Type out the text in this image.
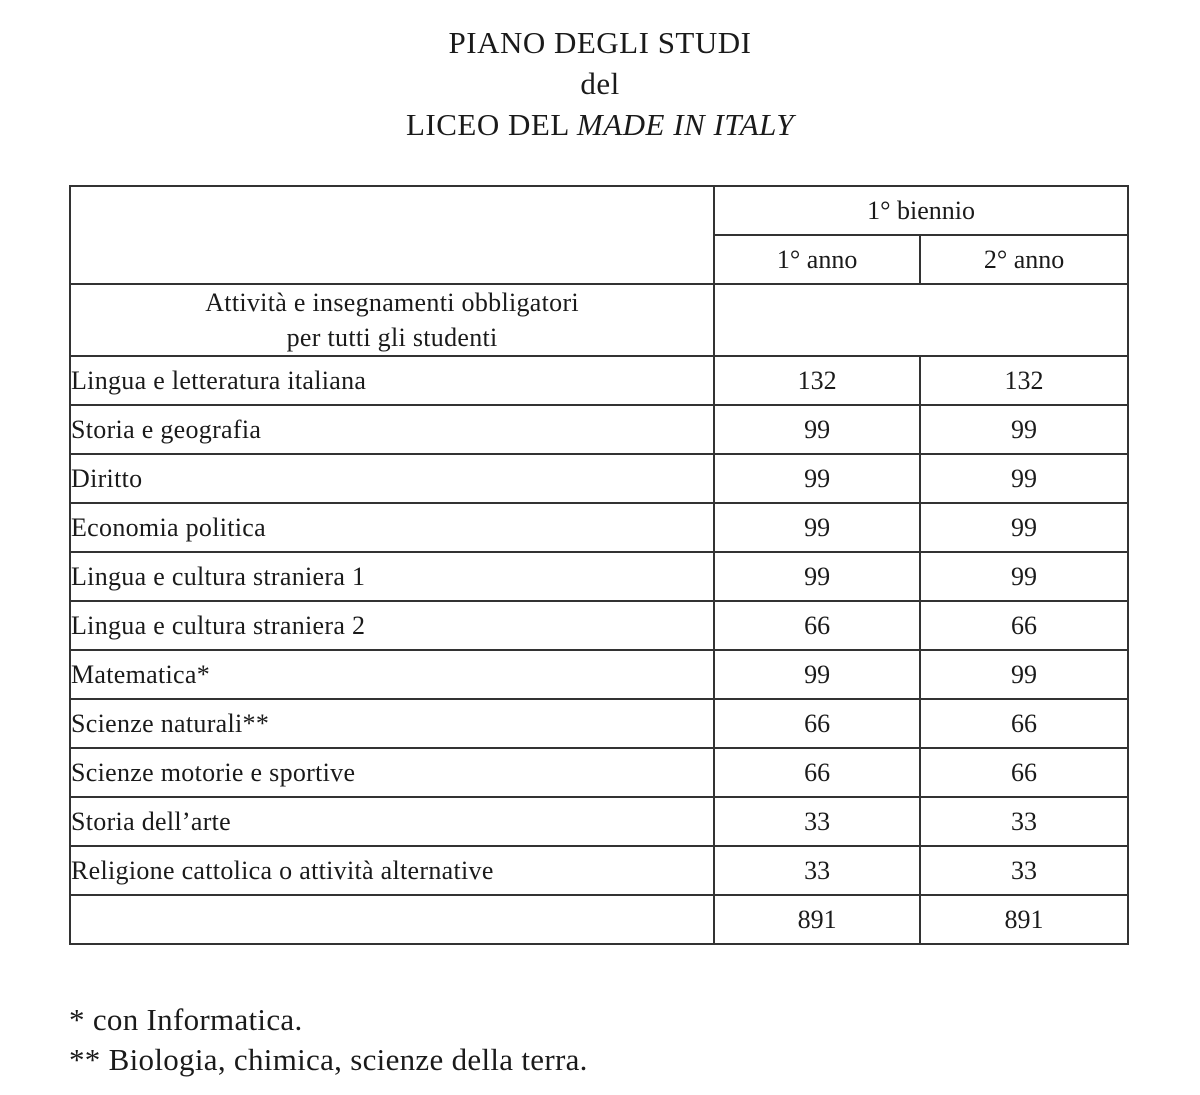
PIANO DEGLI STUDI
del
LICEO DEL MADE IN ITALY
	1° biennio	
	1° anno	2° anno

Attività e insegnamenti obbligatori
per tutti gli studenti		

Lingua e letteratura italiana	132	132
Storia e geografia	99	99
Diritto	99	99
Economia politica	99	99
Lingua e cultura straniera 1	99	99
Lingua e cultura straniera 2	66	66
Matematica*	99	99
Scienze naturali**	66	66
Scienze motorie e sportive	66	66
Storia dell’arte	33	33
Religione cattolica o attività alternative	33	33
	891	891
* con Informatica.
** Biologia, chimica, scienze della terra.
